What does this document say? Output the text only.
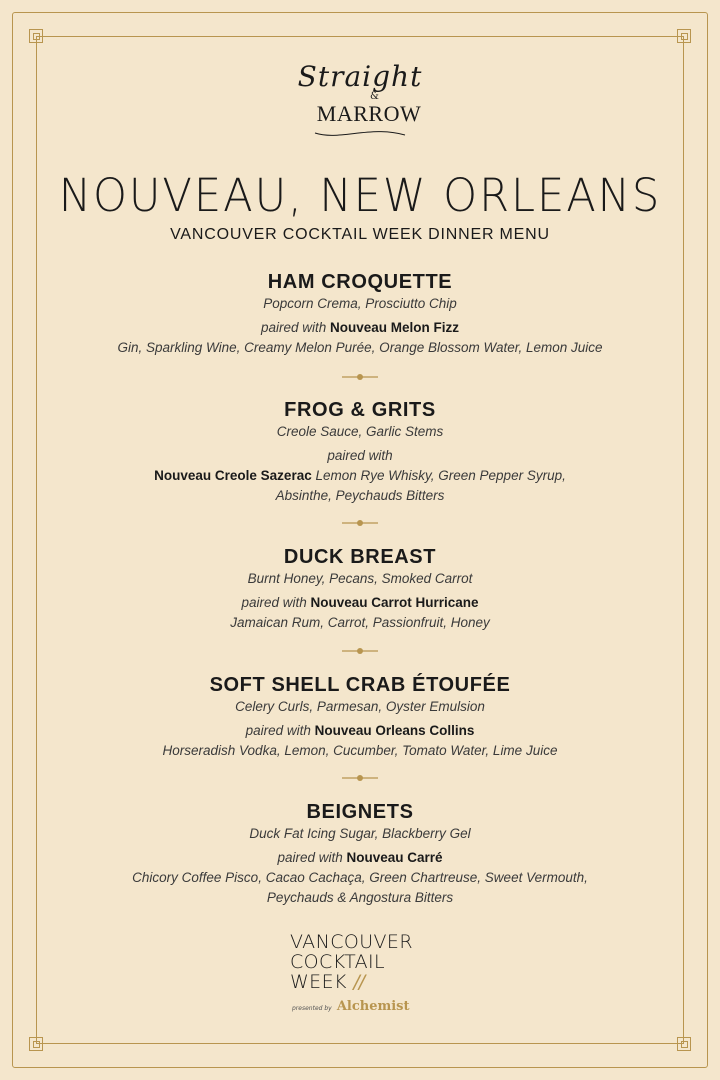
Straight
&
MARROW
NOUVEAU, NEW ORLEANS
VANCOUVER COCKTAIL WEEK DINNER MENU
HAM CROQUETTE
Popcorn Crema, Prosciutto Chip
paired with Nouveau Melon Fizz
Gin, Sparkling Wine, Creamy Melon Purée, Orange Blossom Water, Lemon Juice
FROG & GRITS
Creole Sauce, Garlic Stems
paired with
Nouveau Creole Sazerac Lemon Rye Whisky, Green Pepper Syrup,
Absinthe, Peychauds Bitters
DUCK BREAST
Burnt Honey, Pecans, Smoked Carrot
paired with Nouveau Carrot Hurricane
Jamaican Rum, Carrot, Passionfruit, Honey
SOFT SHELL CRAB ÉTOUFÉE
Celery Curls, Parmesan, Oyster Emulsion
paired with Nouveau Orleans Collins
Horseradish Vodka, Lemon, Cucumber, Tomato Water, Lime Juice
BEIGNETS
Duck Fat Icing Sugar, Blackberry Gel
paired with Nouveau Carré
Chicory Coffee Pisco, Cacao Cachaça, Green Chartreuse, Sweet Vermouth,
Peychauds & Angostura Bitters
VANCOUVER
COCKTAIL
WEEK //
presented by Alchemist
